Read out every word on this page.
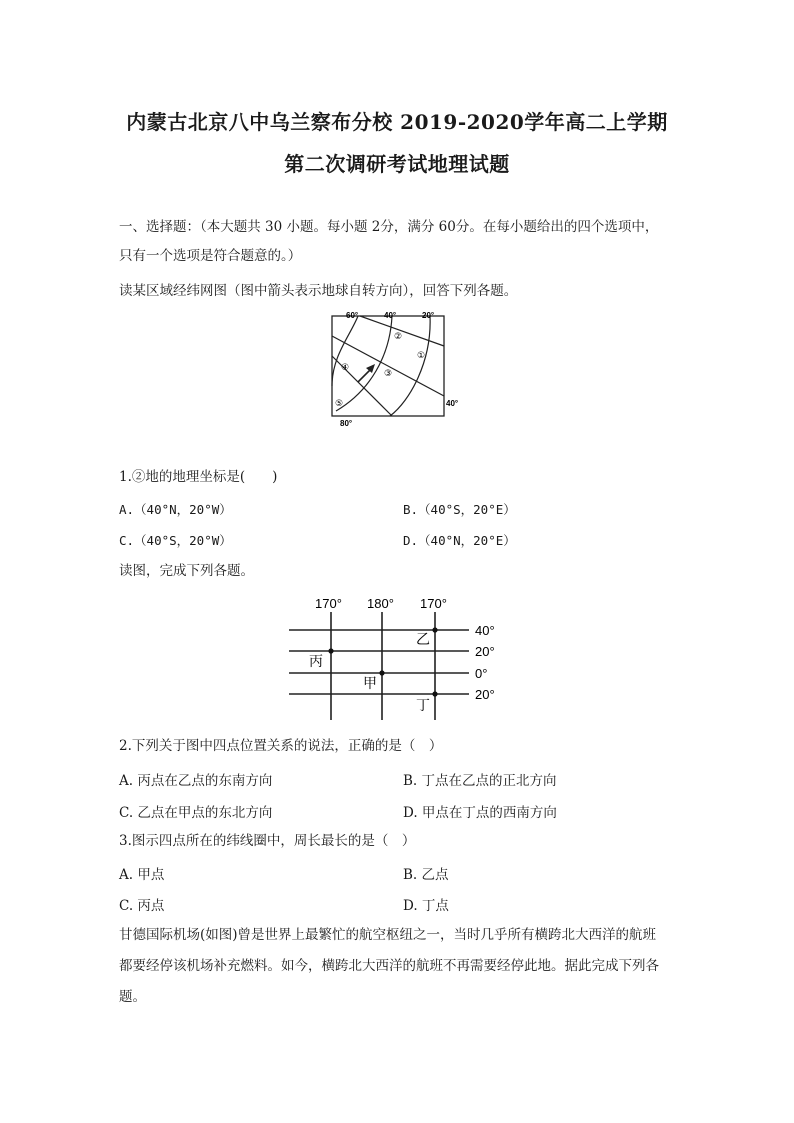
内蒙古北京八中乌兰察布分校 2019-2020学年高二上学期
第二次调研考试地理试题
一、选择题：（本大题共 30 小题。每小题 2分，满分 60分。在每小题给出的四个选项中，
只有一个选项是符合题意的。）
读某区域经纬网图（图中箭头表示地球自转方向），回答下列各题。
60°	40°	20°
40°
80°
①
②
③
④
⑤
1.②地的地理坐标是(　　)
A.（40°N，20°W）	B.（40°S，20°E）
C.（40°S，20°W）	D.（40°N，20°E）
读图，完成下列各题。
170° 180° 170°
40°
20°
0°
20°
乙
丙
甲
丁
2.下列关于图中四点位置关系的说法，正确的是（　）
A. 丙点在乙点的东南方向	B. 丁点在乙点的正北方向
C. 乙点在甲点的东北方向	D. 甲点在丁点的西南方向
3.图示四点所在的纬线圈中，周长最长的是（　）
A. 甲点	B. 乙点
C. 丙点	D. 丁点
甘德国际机场(如图)曾是世界上最繁忙的航空枢纽之一，当时几乎所有横跨北大西洋的航班
都要经停该机场补充燃料。如今，横跨北大西洋的航班不再需要经停此地。据此完成下列各
题。
